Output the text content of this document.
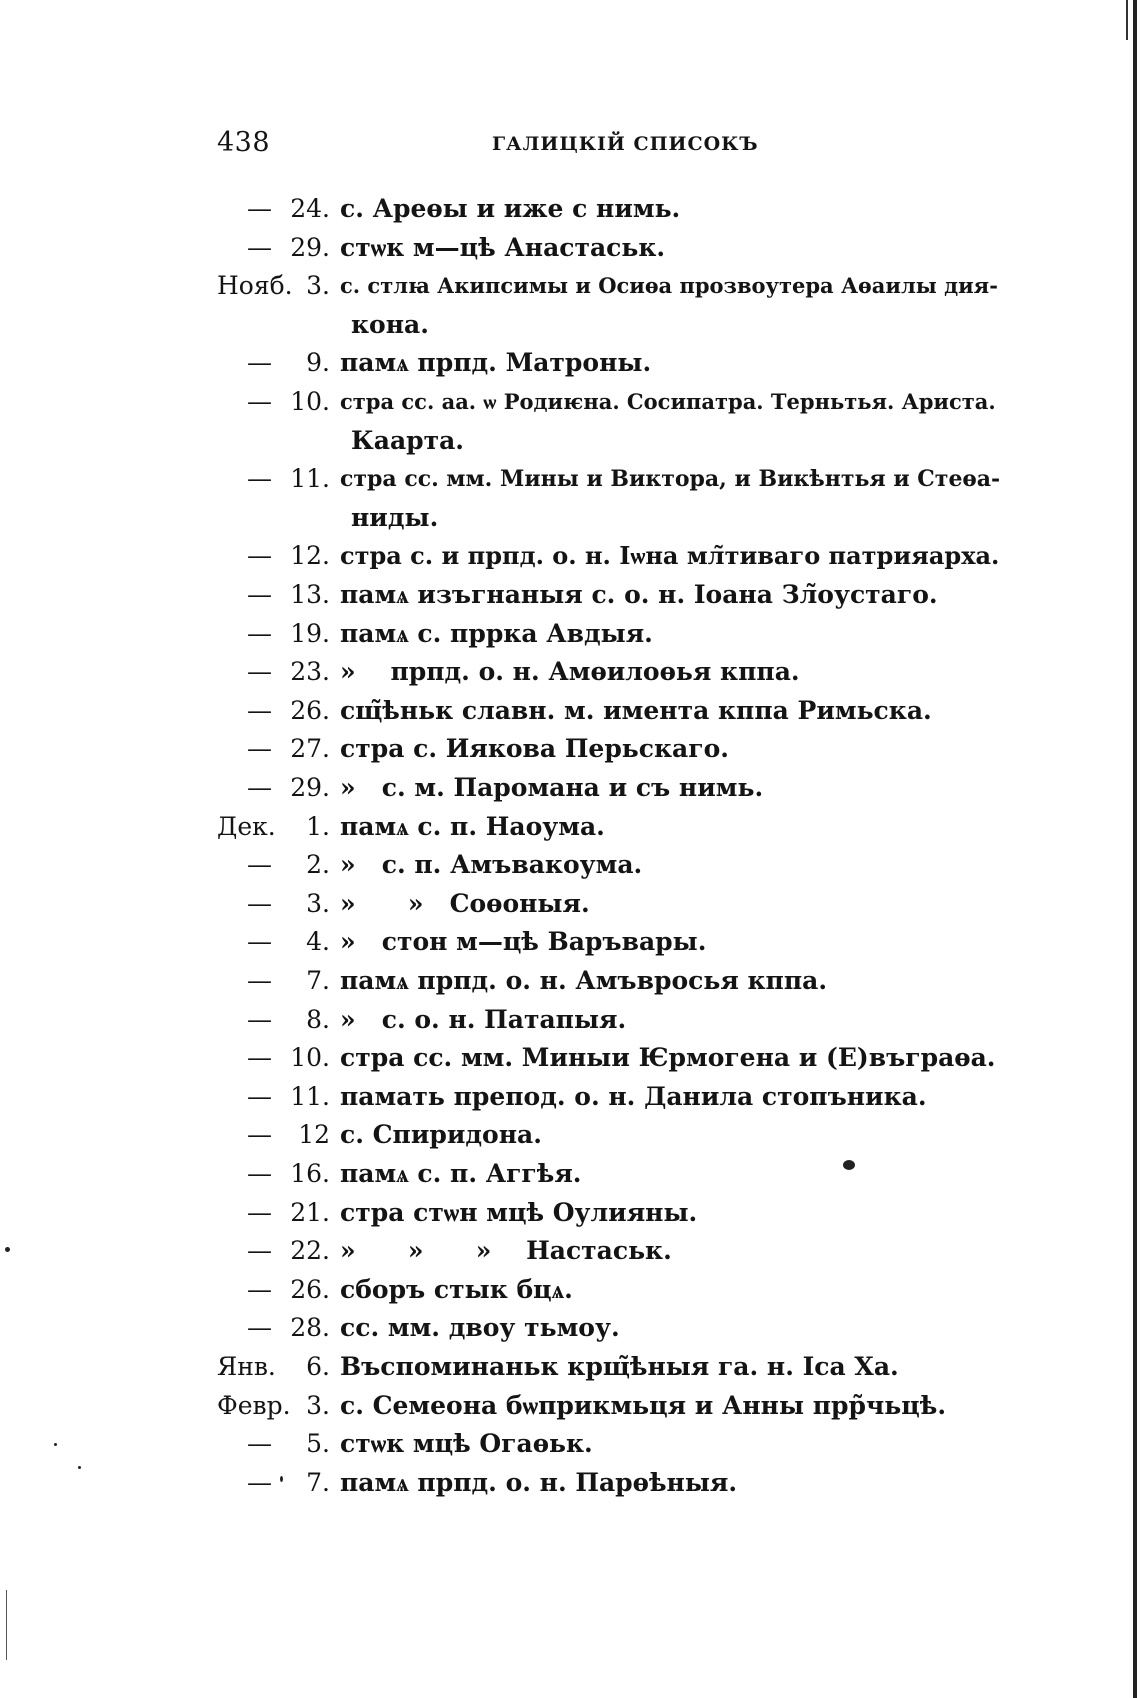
438	ГАЛИЦКІЙ СПИСОКЪ
— 24. с. Ареѳы и иже с нимь.
— 29. стѡк м—цѣ Анастаськ.
Нояб. 3. с. стлꙗ Акипсимы и Осиѳа прозвоутера Аѳаилы дия-
кона.
—	9. памѧ прпд. Матроны.
— 10. стра сс. аа. ѡ Родиѥна. Сосипатра. Терньтья. Ариста.
Каарта.
— 11. стра сс. мм. Мины и Виктора, и Викѣнтья и Стеѳа-
ниды.
— 12. стра с. и прпд. о. н. Іѡна мл̃тиваго патрияарха.
— 13. памѧ изъгнаныя с. о. н. Іоана Зл̃оустаго.
— 19. памѧ с. пррка Авдыя.
— 23. »    прпд. о. н. Амѳилоѳья кппа.
— 26. сщ̃ѣньк славн. м. имента кппа Римьска.
— 27. стра с. Ияковa Перьскаго.
— 29. »   с. м. Паромана и съ нимь.
Дек.	1. памѧ с. п. Наоума.
—	2. »   с. п. Амъвакоума.
—	3. »      »   Соѳоныя.
—	4. »   стон м—цѣ Варъвары.
—	7. памѧ прпд. о. н. Амъвросья кппа.
—	8. »   с. о. н. Патапыя.
— 10. стра сс. мм. Миныи Ѥрмогена и (Е)въграѳа.
— 11. памать препод. о. н. Данила стопъника.
—	12 с. Спиридона.
— 16. памѧ с. п. Аггѣя.
— 21. стра стѡн мцѣ Оулияны.
— 22. »      »      »    Настаськ.
— 26. сборъ стык бцѧ.
— 28. сс. мм. двоу тьмоу.
Янв.	6. Въспоминаньк крщ̃ѣныя га. н. Іса Ха.
Февр. 3. с. Семеона бѡприкмьця и Анны прр̃чьцѣ.
—	5. стѡк мцѣ Огаѳьк.
—	7. памѧ прпд. о. н. Парѳѣныя.
